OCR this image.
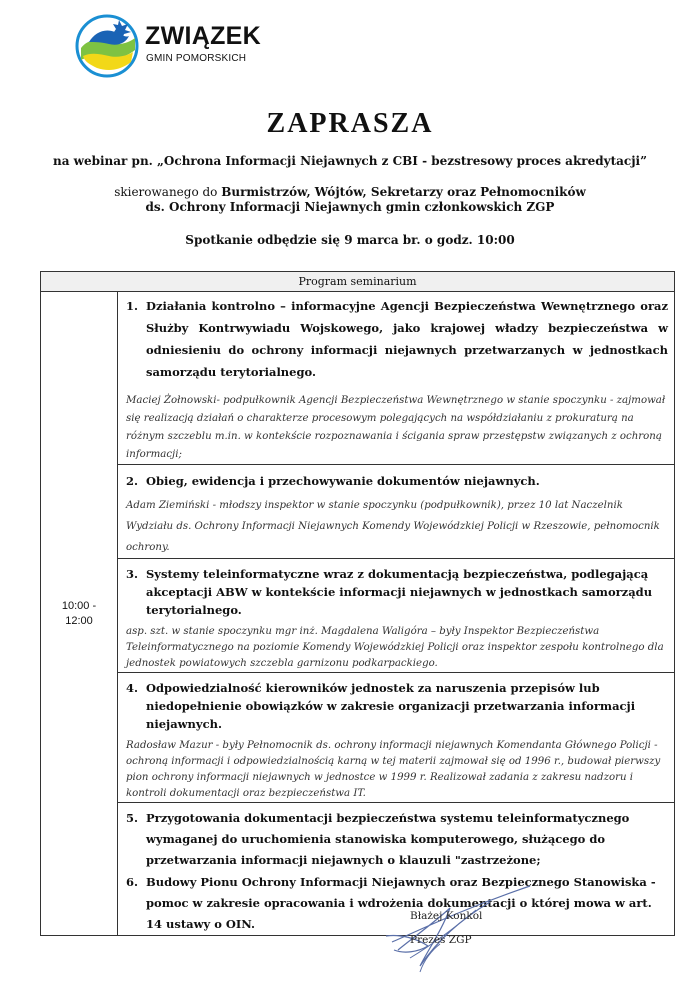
ZWIĄZEK
GMIN POMORSKICH
ZAPRASZA
na webinar pn. „Ochrona Informacji Niejawnych z CBI - bezstresowy proces akredytacji”
skierowanego do Burmistrzów, Wójtów, Sekretarzy oraz Pełnomocników
ds. Ochrony Informacji Niejawnych gmin członkowskich ZGP
Spotkanie odbędzie się 9 marca br. o godz. 10:00
Program seminarium

10:00 -
12:00

1. Działania kontrolno – informacyjne Agencji Bezpieczeństwa Wewnętrznego oraz Służby Kontrwywiadu Wojskowego, jako krajowej władzy bezpieczeństwa w odniesieniu do ochrony informacji niejawnych przetwarzanych w jednostkach samorządu terytorialnego.
Maciej Żołnowski- podpułkownik Agencji Bezpieczeństwa Wewnętrznego w stanie spoczynku - zajmował się realizacją działań o charakterze procesowym polegających na współdziałaniu z prokuraturą na różnym szczeblu m.in. w kontekście rozpoznawania i ścigania spraw przestępstw związanych z ochroną informacji;

2. Obieg, ewidencja i przechowywanie dokumentów niejawnych.
Adam Ziemiński - młodszy inspektor w stanie spoczynku (podpułkownik), przez 10 lat Naczelnik Wydziału ds. Ochrony Informacji Niejawnych Komendy Wojewódzkiej Policji w Rzeszowie, pełnomocnik ochrony.

3. Systemy teleinformatyczne wraz z dokumentacją bezpieczeństwa, podlegającą akceptacji ABW w kontekście informacji niejawnych w jednostkach samorządu terytorialnego.
asp. szt. w stanie spoczynku mgr inż. Magdalena Waligóra – były Inspektor Bezpieczeństwa Teleinformatycznego na poziomie Komendy Wojewódzkiej Policji oraz inspektor zespołu kontrolnego dla jednostek powiatowych szczebla garnizonu podkarpackiego.

4. Odpowiedzialność kierowników jednostek za naruszenia przepisów lub niedopełnienie obowiązków w zakresie organizacji przetwarzania informacji niejawnych.
Radosław Mazur - były Pełnomocnik ds. ochrony informacji niejawnych Komendanta Głównego Policji - ochroną informacji i odpowiedzialnością karną w tej materii zajmował się od 1996 r., budował pierwszy pion ochrony informacji niejawnych w jednostce w 1999 r. Realizował zadania z zakresu nadzoru i kontroli dokumentacji oraz bezpieczeństwa IT.

5. Przygotowania dokumentacji bezpieczeństwa systemu teleinformatycznego wymaganej do uruchomienia stanowiska komputerowego, służącego do przetwarzania informacji niejawnych o klauzuli "zastrzeżone;
6. Budowy Pionu Ochrony Informacji Niejawnych oraz Bezpiecznego Stanowiska - pomoc w zakresie opracowania i wdrożenia dokumentacji o której mowa w art. 14 ustawy o OIN.
Błażej Konkol
Prezes ZGP
